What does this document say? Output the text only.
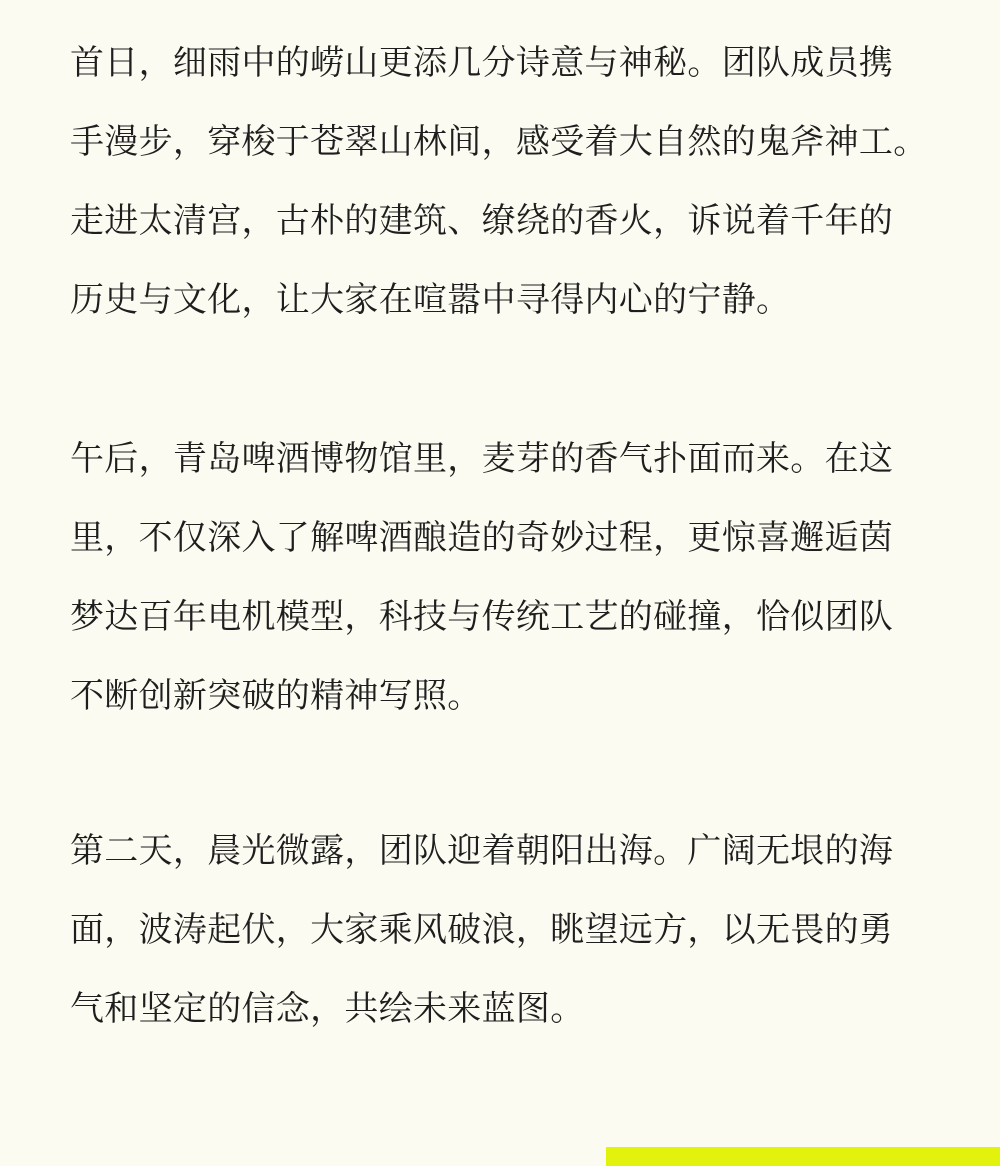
首日，细雨中的崂山更添几分诗意与神秘。团队成员携
手漫步，穿梭于苍翠山林间，感受着大自然的鬼斧神工。
走进太清宫，古朴的建筑、缭绕的香火，诉说着千年的
历史与文化，让大家在喧嚣中寻得内心的宁静。

午后，青岛啤酒博物馆里，麦芽的香气扑面而来。在这
里，不仅深入了解啤酒酿造的奇妙过程，更惊喜邂逅茵
梦达百年电机模型，科技与传统工艺的碰撞，恰似团队
不断创新突破的精神写照。

第二天，晨光微露，团队迎着朝阳出海。广阔无垠的海
面，波涛起伏，大家乘风破浪，眺望远方，以无畏的勇
气和坚定的信念，共绘未来蓝图。
